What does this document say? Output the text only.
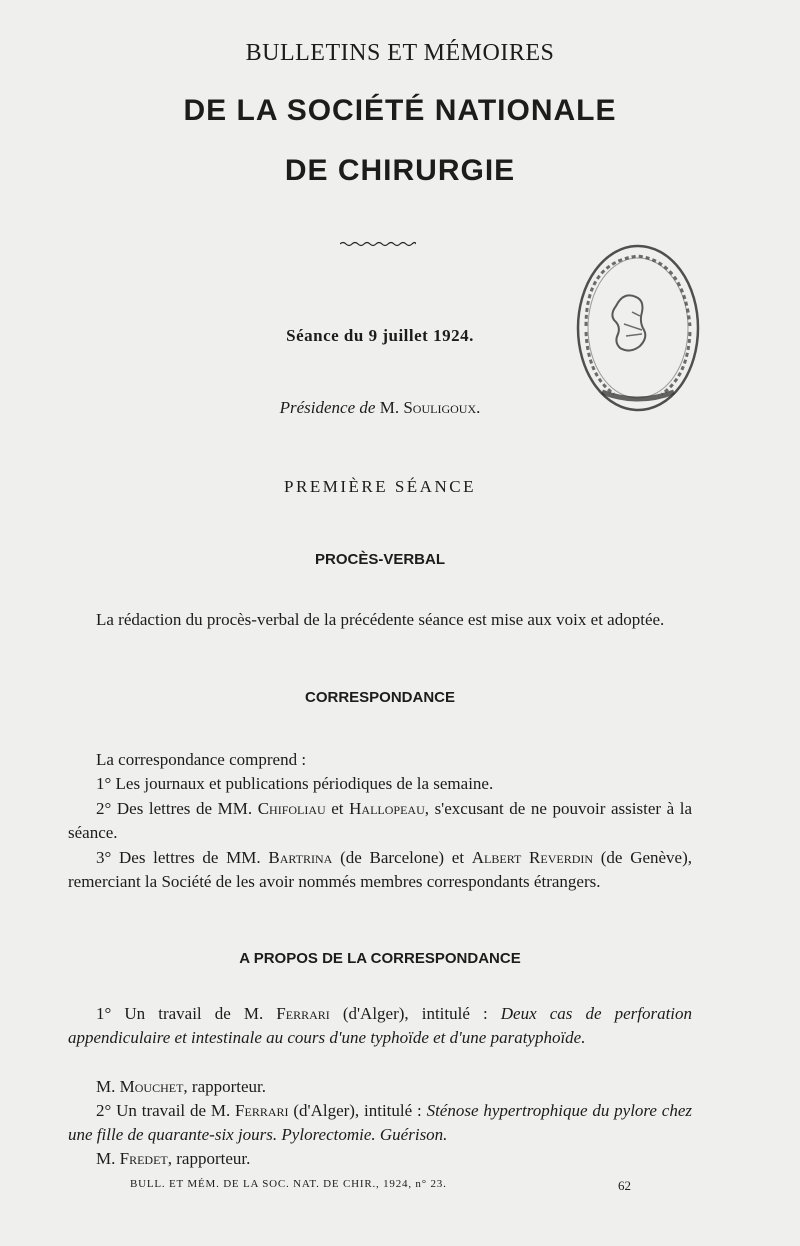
BULLETINS ET MÉMOIRES
DE LA SOCIÉTÉ NATIONALE
DE CHIRURGIE
Séance du 9 juillet 1924.
Présidence de M. Souligoux.
PREMIÈRE SÉANCE
PROCÈS-VERBAL
La rédaction du procès-verbal de la précédente séance est mise aux voix et adoptée.
CORRESPONDANCE
La correspondance comprend :
1° Les journaux et publications périodiques de la semaine.
2° Des lettres de MM. Chifoliau et Hallopeau, s'excusant de ne pouvoir assister à la séance.
3° Des lettres de MM. Bartrina (de Barcelone) et Albert Reverdin (de Genève), remerciant la Société de les avoir nommés membres correspondants étrangers.
A PROPOS DE LA CORRESPONDANCE
1° Un travail de M. Ferrari (d'Alger), intitulé : Deux cas de perforation appendiculaire et intestinale au cours d'une typhoïde et d'une paratyphoïde.
M. Mouchet, rapporteur.
2° Un travail de M. Ferrari (d'Alger), intitulé : Sténose hypertrophique du pylore chez une fille de quarante-six jours. Pylorectomie. Guérison.
M. Fredet, rapporteur.
BULL. ET MÉM. DE LA SOC. NAT. DE CHIR., 1924, n° 23.	62
